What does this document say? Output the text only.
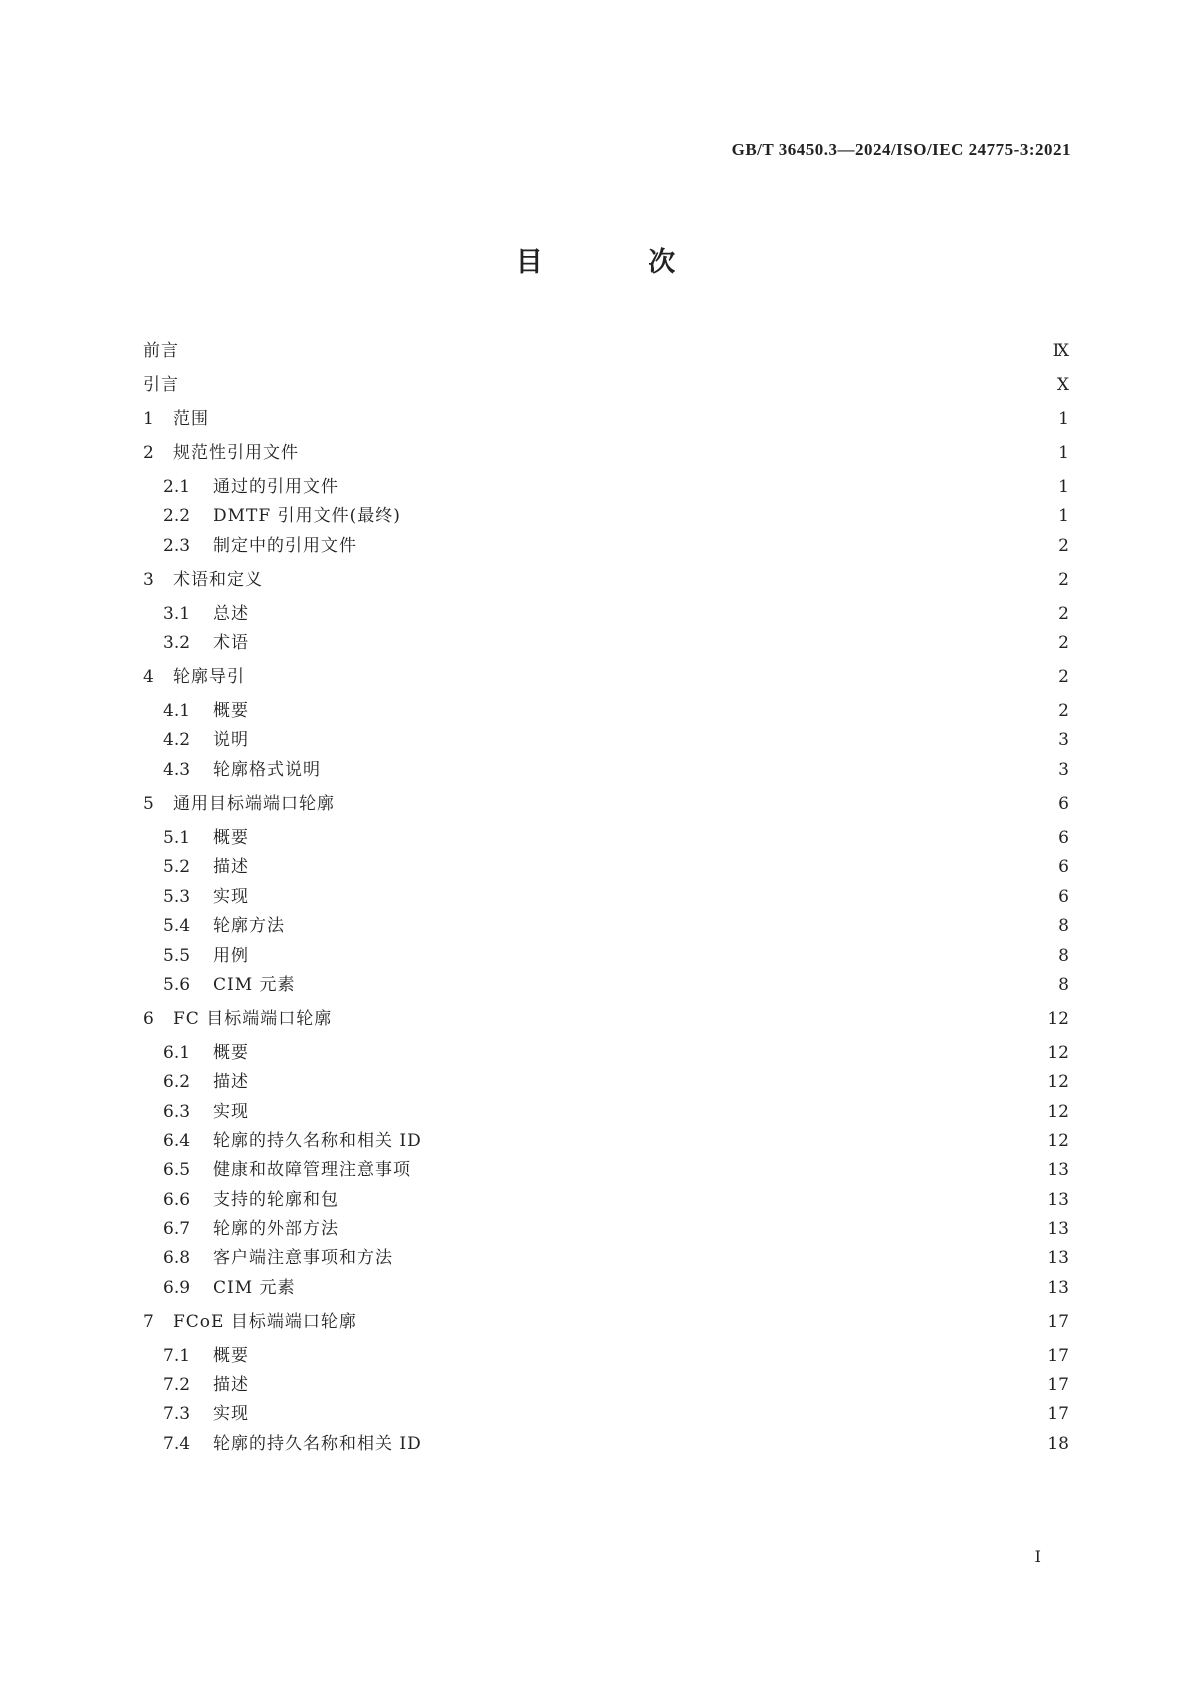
GB/T 36450.3—2024/ISO/IEC 24775-3:2021
目 次
前言	Ⅸ
引言	Ⅹ
1	范围	1
2	规范性引用文件	1
2.1	通过的引用文件	1
2.2	DMTF 引用文件(最终)	1
2.3	制定中的引用文件	2
3	术语和定义	2
3.1	总述	2
3.2	术语	2
4	轮廓导引	2
4.1	概要	2
4.2	说明	3
4.3	轮廓格式说明	3
5	通用目标端端口轮廓	6
5.1	概要	6
5.2	描述	6
5.3	实现	6
5.4	轮廓方法	8
5.5	用例	8
5.6	CIM 元素	8
6	FC 目标端端口轮廓	12
6.1	概要	12
6.2	描述	12
6.3	实现	12
6.4	轮廓的持久名称和相关 ID	12
6.5	健康和故障管理注意事项	13
6.6	支持的轮廓和包	13
6.7	轮廓的外部方法	13
6.8	客户端注意事项和方法	13
6.9	CIM 元素	13
7	FCoE 目标端端口轮廓	17
7.1	概要	17
7.2	描述	17
7.3	实现	17
7.4	轮廓的持久名称和相关 ID	18
Ⅰ
